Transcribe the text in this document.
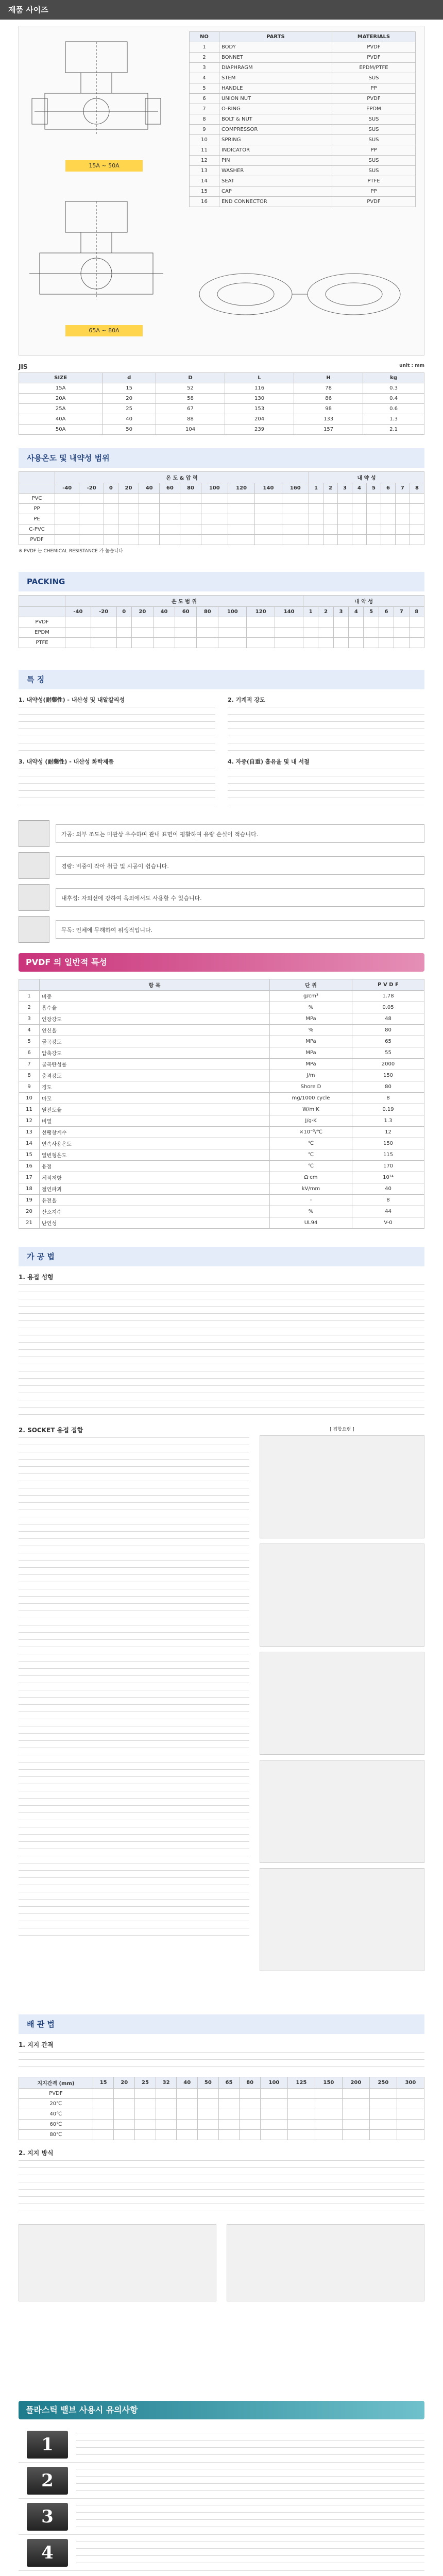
제품 사이즈
15A ~ 50A
65A ~ 80A
NO	PARTS	MATERIALS
1	BODY	PVDF
2	BONNET	PVDF
3	DIAPHRAGM	EPDM/PTFE
4	STEM	SUS
5	HANDLE	PP
6	UNION NUT	PVDF
7	O-RING	EPDM
8	BOLT & NUT	SUS
9	COMPRESSOR	SUS
10	SPRING	SUS
11	INDICATOR	PP
12	PIN	SUS
13	WASHER	SUS
14	SEAT	PTFE
15	CAP	PP
16	END CONNECTOR	PVDF
JIS	unit : mm
SIZE	d	D	L	H	kg
15A	15	52	116	78	0.3
20A	20	58	130	86	0.4
25A	25	67	153	98	0.6
40A	40	88	204	133	1.3
50A	50	104	239	157	2.1
사용온도 및 내약성 범위
	온 도 & 압 력											내 약 성							
	-40	-20	0	20	40	60	80	100	120	140	160	1	2	3	4	5	6	7	8
PVC																			
PP																			
PE																			
C-PVC																			
PVDF																			
※ PVDF 는 CHEMICAL RESISTANCE 가 높습니다
PACKING
	온 도 범 위										내 약 성							
	-40	-20	0	20	40	60	80	100	120	140	1	2	3	4	5	6	7	8
PVDF																		
EPDM																		
PTFE																		
특 징
1. 내약성(耐藥性) - 내산성 및 내알칼리성
3. 내약성 (耐藥性) - 내산성 화학제품
2. 기계적 강도
4. 자중(自重) 흡유율 및 내 서철
가공: 외부 조도는 미관상 우수하며 관내 표면이 평활하여 유량 손실이 적습니다.
경량: 비중이 작아 취급 및 시공이 쉽습니다.
내후성: 자외선에 강하여 옥외에서도 사용할 수 있습니다.
무독: 인체에 무해하여 위생적입니다.
PVDF 의 일반적 특성
	항 목	단 위	P V D F
1	비중	g/cm³	1.78
2	흡수율	%	0.05
3	인장강도	MPa	48
4	연신율	%	80
5	굴곡강도	MPa	65
6	압축강도	MPa	55
7	굴곡탄성률	MPa	2000
8	충격강도	J/m	150
9	경도	Shore D	80
10	마모	mg/1000 cycle	8
11	열전도율	W/m·K	0.19
12	비열	J/g·K	1.3
13	선팽창계수	×10⁻⁵/℃	12
14	연속사용온도	℃	150
15	열변형온도	℃	115
16	융점	℃	170
17	체적저항	Ω·cm	10¹⁴
18	절연파괴	kV/mm	40
19	유전율	-	8
20	산소지수	%	44
21	난연성	UL94	V-0
가 공 법
1. 용접 성형
2. SOCKET 용접 접합	[ 접합요령 ]
배 관 법
1. 지지 간격
지지간격 (mm)	15	20	25	32	40	50	65	80	100	125	150	200	250	300
PVDF														
20℃														
40℃														
60℃														
80℃														
2. 지지 방식
플라스틱 밸브 사용시 유의사항
1
2
3
4
